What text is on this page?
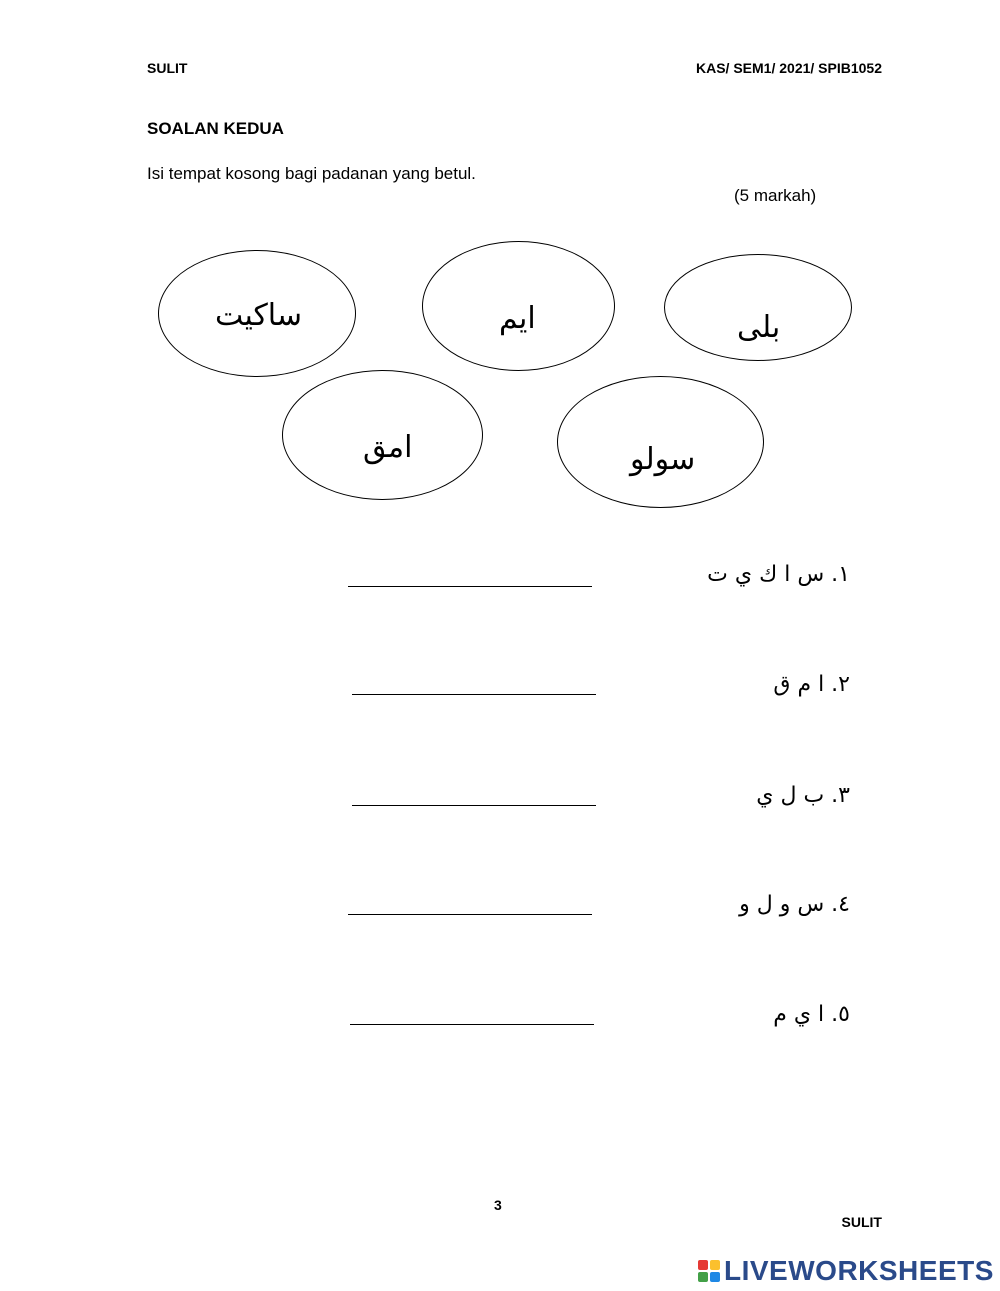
SULIT	KAS/ SEM1/ 2021/ SPIB1052
SOALAN KEDUA
Isi tempat kosong bagi padanan yang betul.
(5 markah)
ساكيت	ايم	بلى
امق	سولو
١. س ا ك ي ت
٢. ا م ق
٣. ب ل ي
٤. س و ل و
٥. ا ي م
3
SULIT
LIVEWORKSHEETS
